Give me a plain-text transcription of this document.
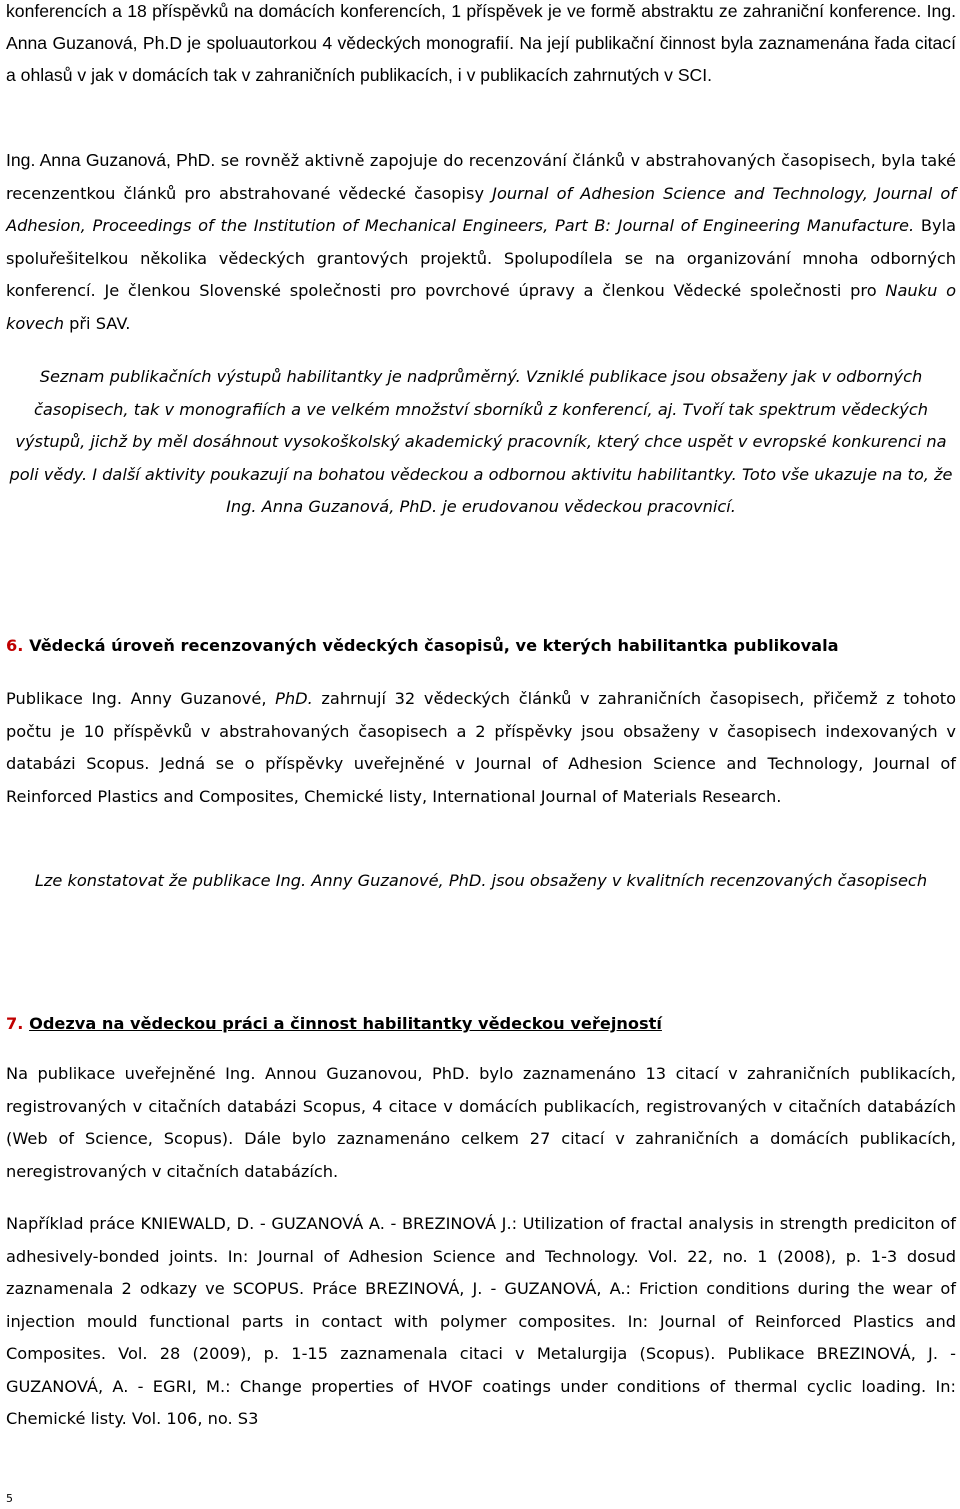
konferencích a 18 příspěvků na domácích konferencích, 1 příspěvek je ve formě abstraktu ze zahraniční konference. Ing. Anna Guzanová, Ph.D je spoluautorkou 4 vědeckých monografií. Na její publikační činnost byla zaznamenána řada citací a ohlasů v jak v domácích tak v zahraničních publikacích, i v publikacích zahrnutých v SCI.

Ing. Anna Guzanová, PhD. se rovněž aktivně zapojuje do recenzování článků v abstrahovaných časopisech, byla také recenzentkou článků pro abstrahované vědecké časopisy Journal of Adhesion Science and Technology, Journal of Adhesion, Proceedings of the Institution of Mechanical Engineers, Part B: Journal of Engineering Manufacture. Byla spoluřešitelkou několika vědeckých grantových projektů. Spolupodílela se na organizování mnoha odborných konferencí. Je členkou Slovenské společnosti pro povrchové úpravy a členkou Vědecké společnosti pro Nauku o kovech při SAV.

Seznam publikačních výstupů habilitantky je nadprůměrný. Vzniklé publikace jsou obsaženy jak v odborných časopisech, tak v monografiích a ve velkém množství sborníků z konferencí, aj. Tvoří tak spektrum vědeckých výstupů, jichž by měl dosáhnout vysokoškolský akademický pracovník, který chce uspět v evropské konkurenci na poli vědy. I další aktivity poukazují na bohatou vědeckou a odbornou aktivitu habilitantky. Toto vše ukazuje na to, že Ing. Anna Guzanová, PhD. je erudovanou vědeckou pracovnicí.

6. Vědecká úroveň recenzovaných vědeckých časopisů, ve kterých habilitantka publikovala

Publikace Ing. Anny Guzanové, PhD. zahrnují 32 vědeckých článků v zahraničních časopisech, přičemž z tohoto počtu je 10 příspěvků v abstrahovaných časopisech a 2 příspěvky jsou obsaženy v časopisech indexovaných v databázi Scopus. Jedná se o příspěvky uveřejněné v Journal of Adhesion Science and Technology, Journal of Reinforced Plastics and Composites, Chemické listy, International Journal of Materials Research.

Lze konstatovat že publikace Ing. Anny Guzanové, PhD. jsou obsaženy v kvalitních recenzovaných časopisech

7. Odezva na vědeckou práci a činnost habilitantky vědeckou veřejností

Na publikace uveřejněné Ing. Annou Guzanovou, PhD. bylo zaznamenáno 13 citací v zahraničních publikacích, registrovaných v citačních databázi Scopus, 4 citace v domácích publikacích, registrovaných v citačních databázích (Web of Science, Scopus). Dále bylo zaznamenáno celkem 27 citací v zahraničních a domácích publikacích, neregistrovaných v citačních databázích.

Například práce KNIEWALD, D. - GUZANOVÁ A. - BREZINOVÁ J.: Utilization of fractal analysis in strength prediciton of adhesively-bonded joints. In: Journal of Adhesion Science and Technology. Vol. 22, no. 1 (2008), p. 1-3 dosud zaznamenala 2 odkazy ve SCOPUS. Práce BREZINOVÁ, J. - GUZANOVÁ, A.: Friction conditions during the wear of injection mould functional parts in contact with polymer composites. In: Journal of Reinforced Plastics and Composites. Vol. 28 (2009), p. 1-15 zaznamenala citaci v Metalurgija (Scopus). Publikace BREZINOVÁ, J. - GUZANOVÁ, A. - EGRI, M.: Change properties of HVOF coatings under conditions of thermal cyclic loading. In: Chemické listy. Vol. 106, no. S3

5
